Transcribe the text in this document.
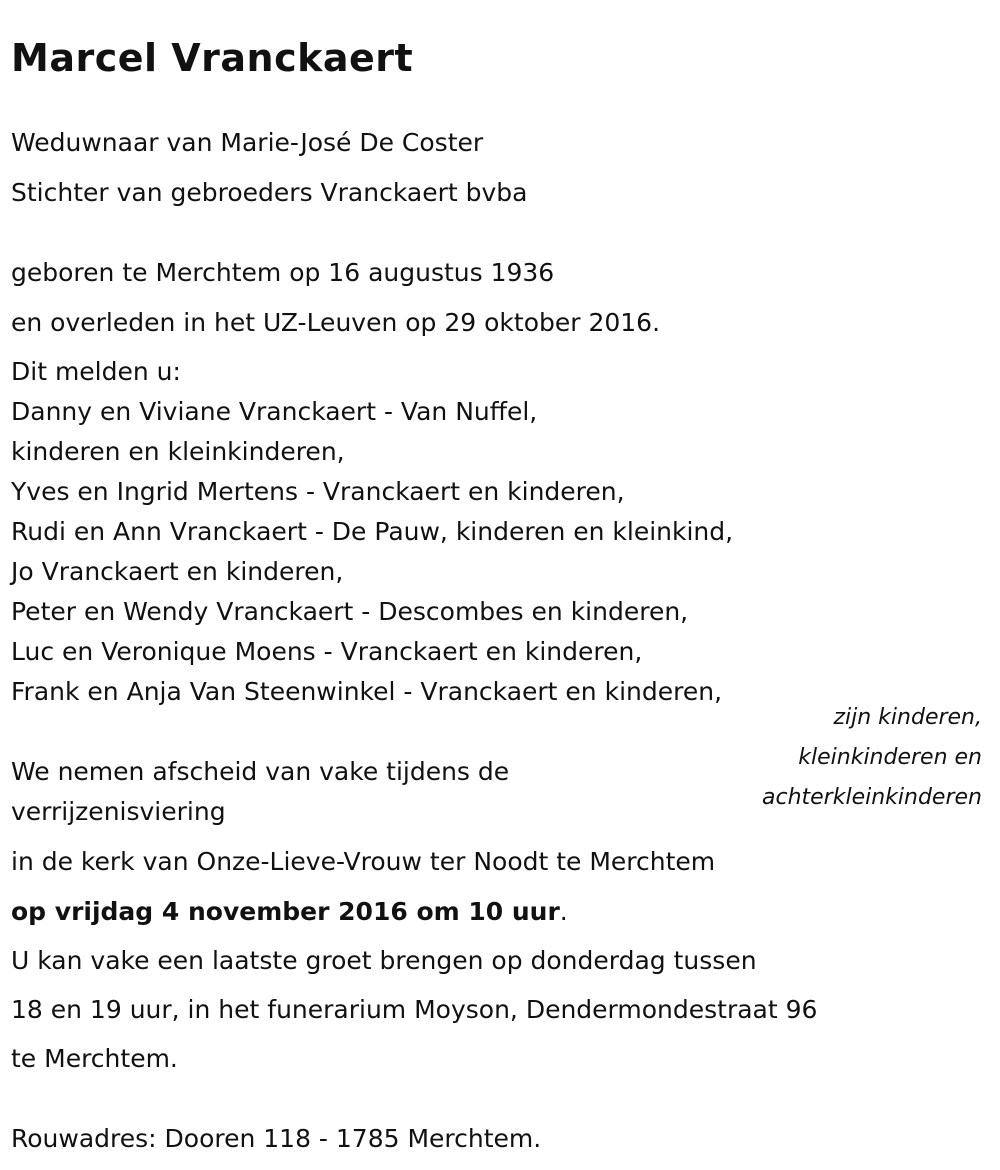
Marcel Vranckaert
Weduwnaar van Marie-José De Coster
Stichter van gebroeders Vranckaert bvba
geboren te Merchtem op 16 augustus 1936
en overleden in het UZ-Leuven op 29 oktober 2016.
Dit melden u:
Danny en Viviane Vranckaert - Van Nuffel,
kinderen en kleinkinderen,
Yves en Ingrid Mertens - Vranckaert en kinderen,
Rudi en Ann Vranckaert - De Pauw, kinderen en kleinkind,
Jo Vranckaert en kinderen,
Peter en Wendy Vranckaert - Descombes en kinderen,
Luc en Veronique Moens - Vranckaert en kinderen,
Frank en Anja Van Steenwinkel - Vranckaert en kinderen,
zijn kinderen,
kleinkinderen en
achterkleinkinderen
We nemen afscheid van vake tijdens de verrijzenisviering
in de kerk van Onze-Lieve-Vrouw ter Noodt te Merchtem
op vrijdag 4 november 2016 om 10 uur.
U kan vake een laatste groet brengen op donderdag tussen
18 en 19 uur, in het funerarium Moyson, Dendermondestraat 96
te Merchtem.
Rouwadres: Dooren 118 - 1785 Merchtem.
